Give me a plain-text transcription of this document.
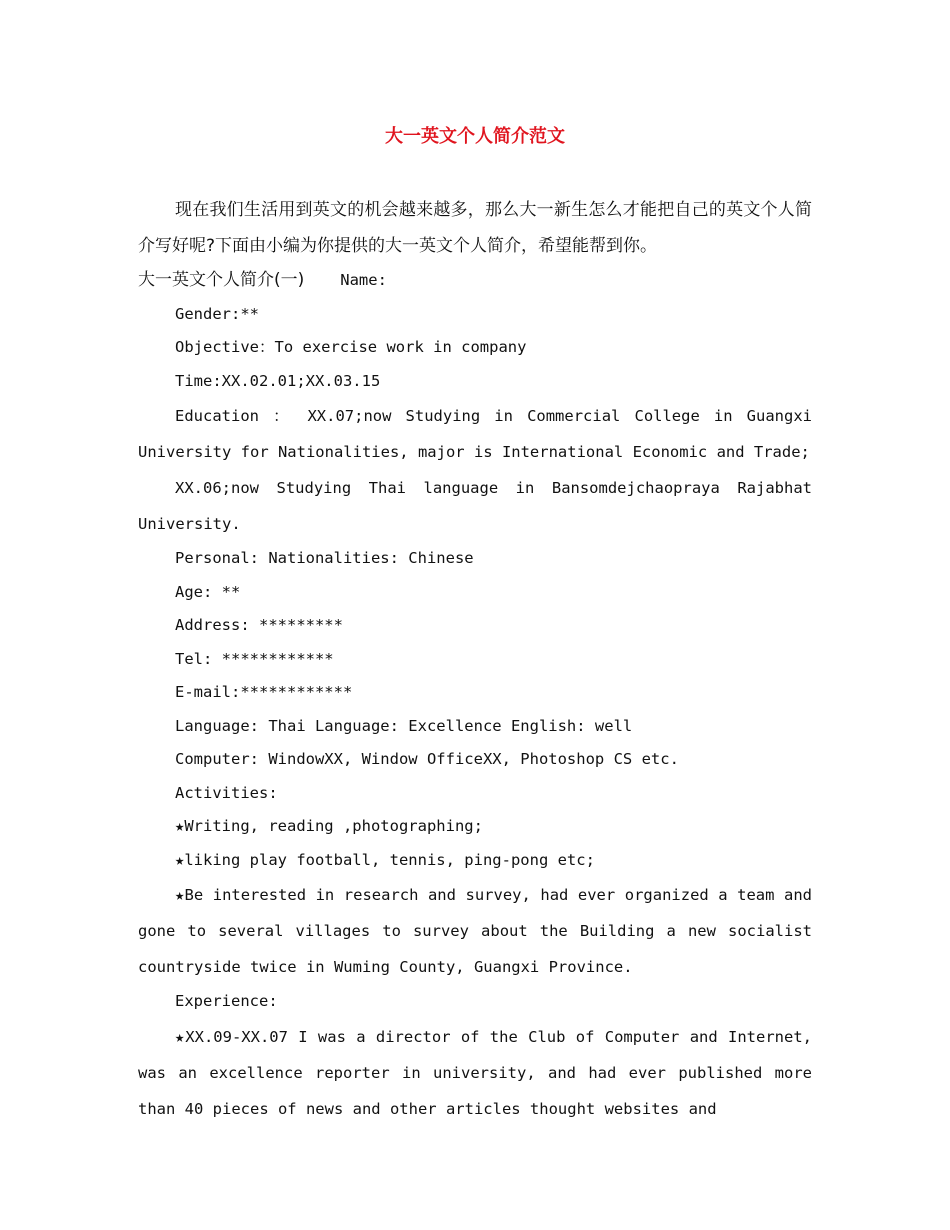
大一英文个人简介范文

现在我们生活用到英文的机会越来越多，那么大一新生怎么才能把自己的英文个人简介写好呢?下面由小编为你提供的大一英文个人简介，希望能帮到你。

大一英文个人简介(一) Name:

Gender:**

Objective：To exercise work in company

Time:XX.02.01;XX.03.15

Education ： XX.07;now Studying in Commercial College in Guangxi University for Nationalities, major is International Economic and Trade;

XX.06;now Studying Thai language in Bansomdejchaopraya Rajabhat University.

Personal: Nationalities: Chinese

Age: **

Address: *********

Tel: ************

E-mail:************

Language: Thai Language: Excellence English: well

Computer: WindowXX, Window OfficeXX, Photoshop CS etc.

Activities:

★Writing, reading ,photographing;

★liking play football, tennis, ping-pong etc;

★Be interested in research and survey, had ever organized a team and gone to several villages to survey about the Building a new socialist countryside twice in Wuming County, Guangxi Province.

Experience:

★XX.09-XX.07 I was a director of the Club of Computer and Internet, was an excellence reporter in university, and had ever published more than 40 pieces of news and other articles thought websites and
